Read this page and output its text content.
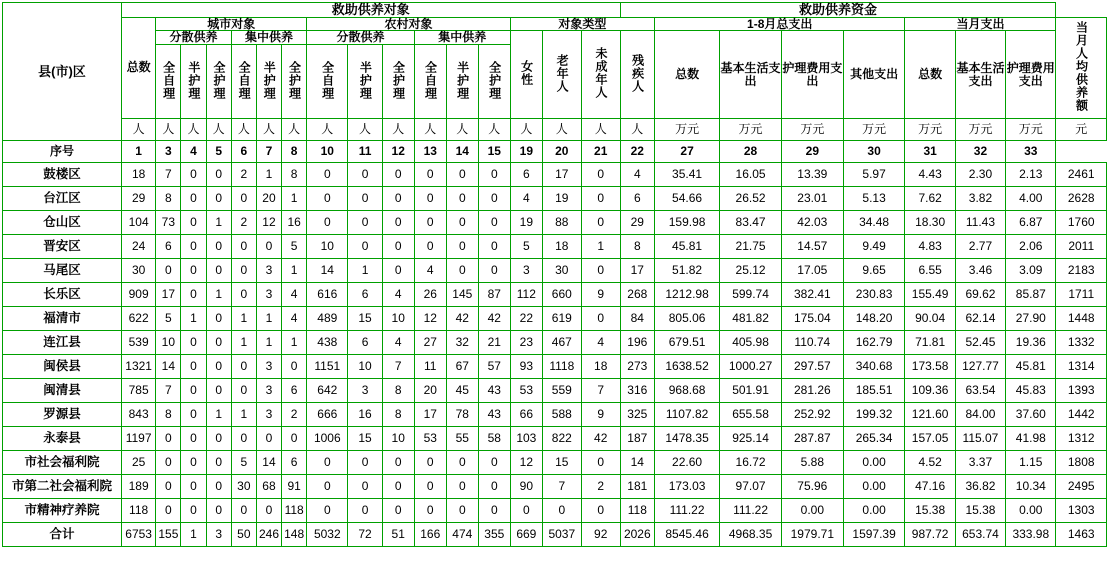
县(市)区	救助供养对象																救助供养资金								
	总数	城市对象						农村对象						对象类型				1-8月总支出				当月支出			当月人均供养额
		分散供养			集中供养			分散供养			集中供养			女性	老年人	未成年人	残疾人	总数	基本生活支出	护理费用支出	其他支出	总数	基本生活支出	护理费用支出	
		全自理	半护理	全护理	全自理	半护理	全护理	全自理	半护理	全护理	全自理	半护理	全护理												
	人	人	人	人	人	人	人	人	人	人	人	人	人	人	人	人	人	万元	万元	万元	万元	万元	万元	万元	元
序号	1	3	4	5	6	7	8	10	11	12	13	14	15	19	20	21	22	27	28	29	30	31	32	33	
鼓楼区	18	7	0	0	2	1	8	0	0	0	0	0	0	6	17	0	4	35.41	16.05	13.39	5.97	4.43	2.30	2.13	2461
台江区	29	8	0	0	0	20	1	0	0	0	0	0	0	4	19	0	6	54.66	26.52	23.01	5.13	7.62	3.82	4.00	2628
仓山区	104	73	0	1	2	12	16	0	0	0	0	0	0	19	88	0	29	159.98	83.47	42.03	34.48	18.30	11.43	6.87	1760
晋安区	24	6	0	0	0	0	5	10	0	0	0	0	0	5	18	1	8	45.81	21.75	14.57	9.49	4.83	2.77	2.06	2011
马尾区	30	0	0	0	0	3	1	14	1	0	4	0	0	3	30	0	17	51.82	25.12	17.05	9.65	6.55	3.46	3.09	2183
长乐区	909	17	0	1	0	3	4	616	6	4	26	145	87	112	660	9	268	1212.98	599.74	382.41	230.83	155.49	69.62	85.87	1711
福清市	622	5	1	0	1	1	4	489	15	10	12	42	42	22	619	0	84	805.06	481.82	175.04	148.20	90.04	62.14	27.90	1448
连江县	539	10	0	0	1	1	1	438	6	4	27	32	21	23	467	4	196	679.51	405.98	110.74	162.79	71.81	52.45	19.36	1332
闽侯县	1321	14	0	0	0	3	0	1151	10	7	11	67	57	93	1118	18	273	1638.52	1000.27	297.57	340.68	173.58	127.77	45.81	1314
闽清县	785	7	0	0	0	3	6	642	3	8	20	45	43	53	559	7	316	968.68	501.91	281.26	185.51	109.36	63.54	45.83	1393
罗源县	843	8	0	1	1	3	2	666	16	8	17	78	43	66	588	9	325	1107.82	655.58	252.92	199.32	121.60	84.00	37.60	1442
永泰县	1197	0	0	0	0	0	0	1006	15	10	53	55	58	103	822	42	187	1478.35	925.14	287.87	265.34	157.05	115.07	41.98	1312
市社会福利院	25	0	0	0	5	14	6	0	0	0	0	0	0	12	15	0	14	22.60	16.72	5.88	0.00	4.52	3.37	1.15	1808
市第二社会福利院	189	0	0	0	30	68	91	0	0	0	0	0	0	90	7	2	181	173.03	97.07	75.96	0.00	47.16	36.82	10.34	2495
市精神疗养院	118	0	0	0	0	0	118	0	0	0	0	0	0	0	0	0	118	111.22	111.22	0.00	0.00	15.38	15.38	0.00	1303
合计	6753	155	1	3	50	246	148	5032	72	51	166	474	355	669	5037	92	2026	8545.46	4968.35	1979.71	1597.39	987.72	653.74	333.98	1463
